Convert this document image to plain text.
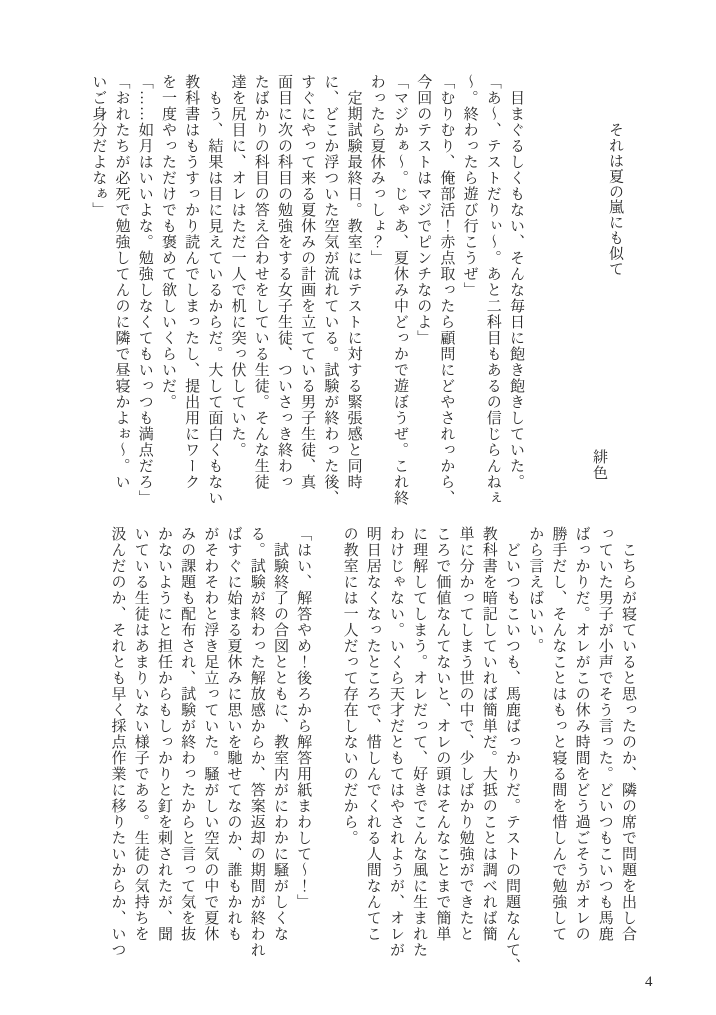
それは夏の嵐にも似て
緋色

　目まぐるしくもない、そんな毎日に飽き飽きしていた。

「あ〜、テストだりぃ〜。あと二科目もあるの信じらんねぇ

〜。終わったら遊び行こうぜ」

「むりむり、俺部活！赤点取ったら顧問にどやされっから、

今回のテストはマジでピンチなのよ」

「マジかぁ〜。じゃあ、夏休み中どっかで遊ぼうぜ。これ終

わったら夏休みっしょ？」

　定期試験最終日。教室にはテストに対する緊張感と同時

に、どこか浮ついた空気が流れている。試験が終わった後、

すぐにやって来る夏休みの計画を立てている男子生徒、真

面目に次の科目の勉強をする女子生徒、ついさっき終わっ

たばかりの科目の答え合わせをしている生徒。そんな生徒

達を尻目に、オレはただ一人で机に突っ伏していた。

　もう、結果は目に見えているからだ。大して面白くもない

教科書はもうすっかり読んでしまったし、提出用にワーク

を一度やっただけでも褒めて欲しいくらいだ。

「……如月はいいよな。勉強しなくてもいっつも満点だろ」

「おれたちが必死で勉強してんのに隣で昼寝かよぉ〜。い

いご身分だよなぁ」

　こちらが寝ていると思ったのか、隣の席で問題を出し合

っていた男子が小声でそう言った。どいつもこいつも馬鹿

ばっかりだ。オレがこの休み時間をどう過ごそうがオレの

勝手だし、そんなことはもっと寝る間を惜しんで勉強して

から言えばいい。

　どいつもこいつも、馬鹿ばっかりだ。テストの問題なんて、

教科書を暗記していれば簡単だ。大抵のことは調べれば簡

単に分かってしまう世の中で、少しばかり勉強ができたと

ころで価値なんてないと、オレの頭はそんなことまで簡単

に理解してしまう。オレだって、好きでこんな風に生まれた

わけじゃない。いくら天才だともてはやされようが、オレが

明日居なくなったところで、惜しんでくれる人間なんてこ

の教室には一人だって存在しないのだから。

「はい、解答やめ！後ろから解答用紙まわして〜！」

　試験終了の合図とともに、教室内がにわかに騒がしくな

る。試験が終わった解放感からか、答案返却の期間が終われ

ばすぐに始まる夏休みに思いを馳せてなのか、誰もかれも

がそわそわと浮き足立っていた。騒がしい空気の中で夏休

みの課題も配布され、試験が終わったからと言って気を抜

かないようにと担任からもしっかりと釘を刺されたが、聞

いている生徒はあまりいない様子である。生徒の気持ちを

汲んだのか、それとも早く採点作業に移りたいからか、いつ

4
